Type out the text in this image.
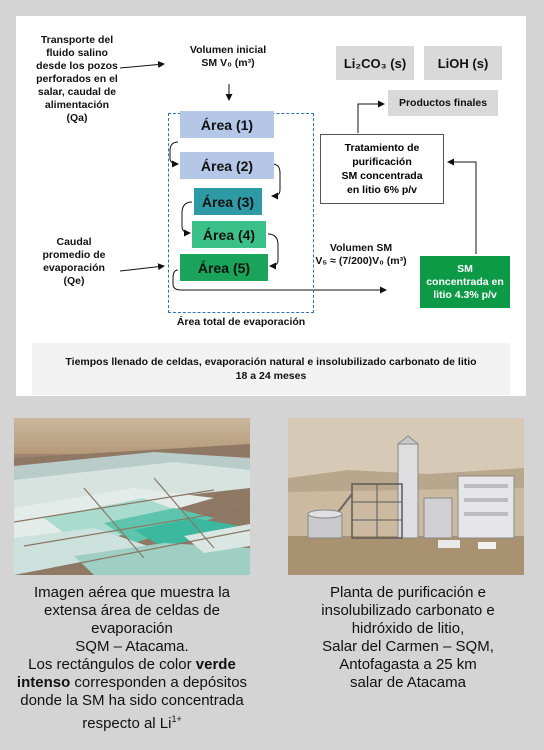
Transporte del
fluido salino
desde los pozos
perforados en el
salar, caudal de
alimentación
(Qa)
Volumen inicial
SM V₀ (m³)
Área (1)
Área (2)
Área (3)
Área (4)
Área (5)
Área total de evaporación
Caudal
promedio de
evaporación
(Qe)
Volumen SM
V₅ ≈ (7/200)V₀ (m³)
SM
concentrada en
litio 4.3% p/v
Tratamiento de
purificación
SM concentrada
en litio 6% p/v
Li₂CO₃ (s) LiOH (s)
Productos finales
Tiempos llenado de celdas, evaporación natural e insolubilizado carbonato de litio
18 a 24 meses
Imagen aérea que muestra la
extensa área de celdas de
evaporación
SQM – Atacama.
Los rectángulos de color verde
intenso corresponden a depósitos
donde la SM ha sido concentrada
respecto al $Li^{1+}$
Planta de purificación e
insolubilizado carbonato e
hidróxido de litio,
Salar del Carmen – SQM,
Antofagasta a 25 km
salar de Atacama
